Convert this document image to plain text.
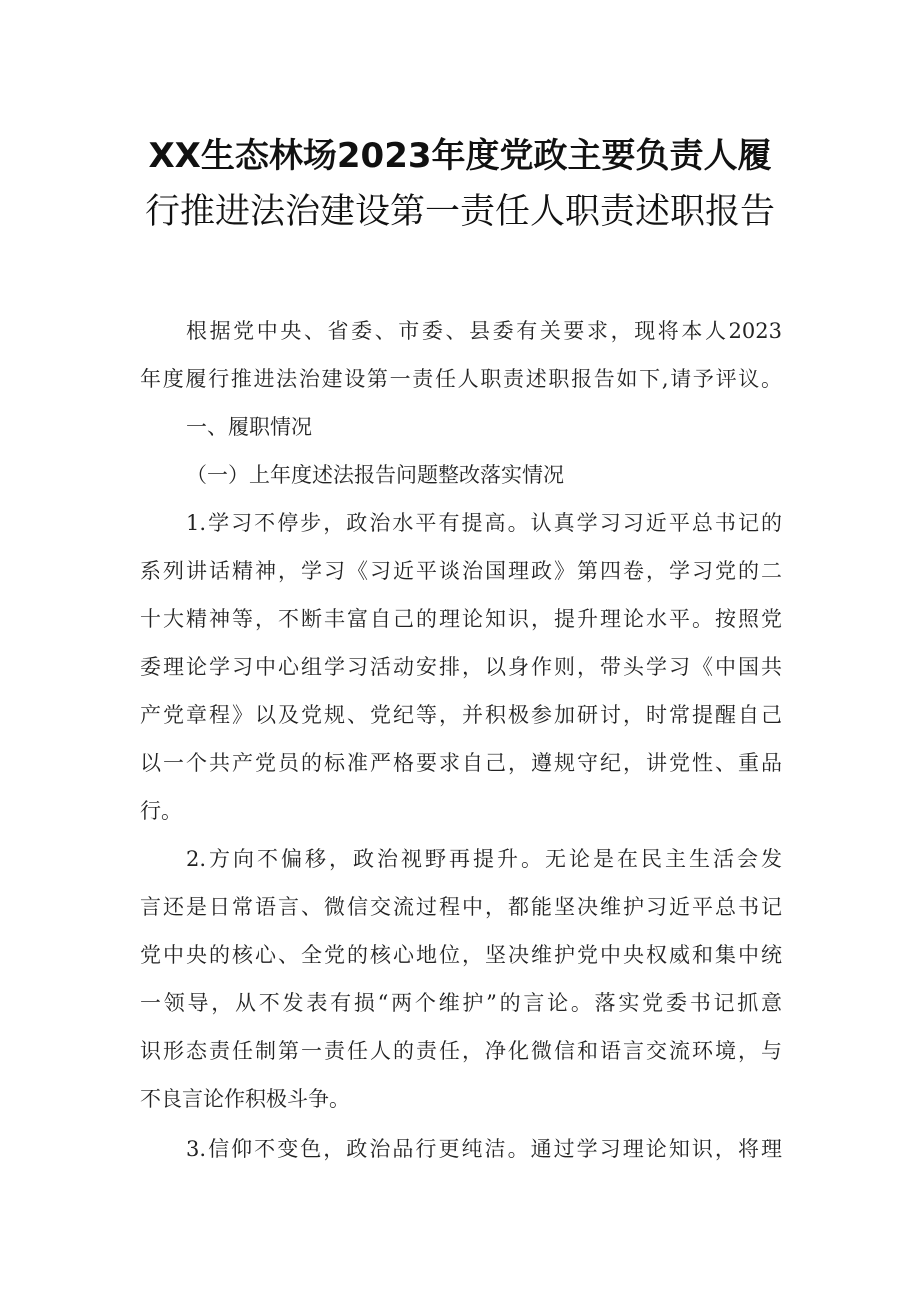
XX生态林场2023年度党政主要负责人履
行推进法治建设第一责任人职责述职报告
根据党中央、省委、市委、县委有关要求，现将本人2023
年度履行推进法治建设第一责任人职责述职报告如下,请予评议。
一、履职情况
（一）上年度述法报告问题整改落实情况
1.学习不停步，政治水平有提高。认真学习习近平总书记的
系列讲话精神，学习《习近平谈治国理政》第四卷，学习党的二
十大精神等，不断丰富自己的理论知识，提升理论水平。按照党
委理论学习中心组学习活动安排，以身作则，带头学习《中国共
产党章程》以及党规、党纪等，并积极参加研讨，时常提醒自己
以一个共产党员的标准严格要求自己，遵规守纪，讲党性、重品
行。
2.方向不偏移，政治视野再提升。无论是在民主生活会发
言还是日常语言、微信交流过程中，都能坚决维护习近平总书记
党中央的核心、全党的核心地位，坚决维护党中央权威和集中统
一领导，从不发表有损“两个维护”的言论。落实党委书记抓意
识形态责任制第一责任人的责任，净化微信和语言交流环境，与
不良言论作积极斗争。
3.信仰不变色，政治品行更纯洁。通过学习理论知识，将理
